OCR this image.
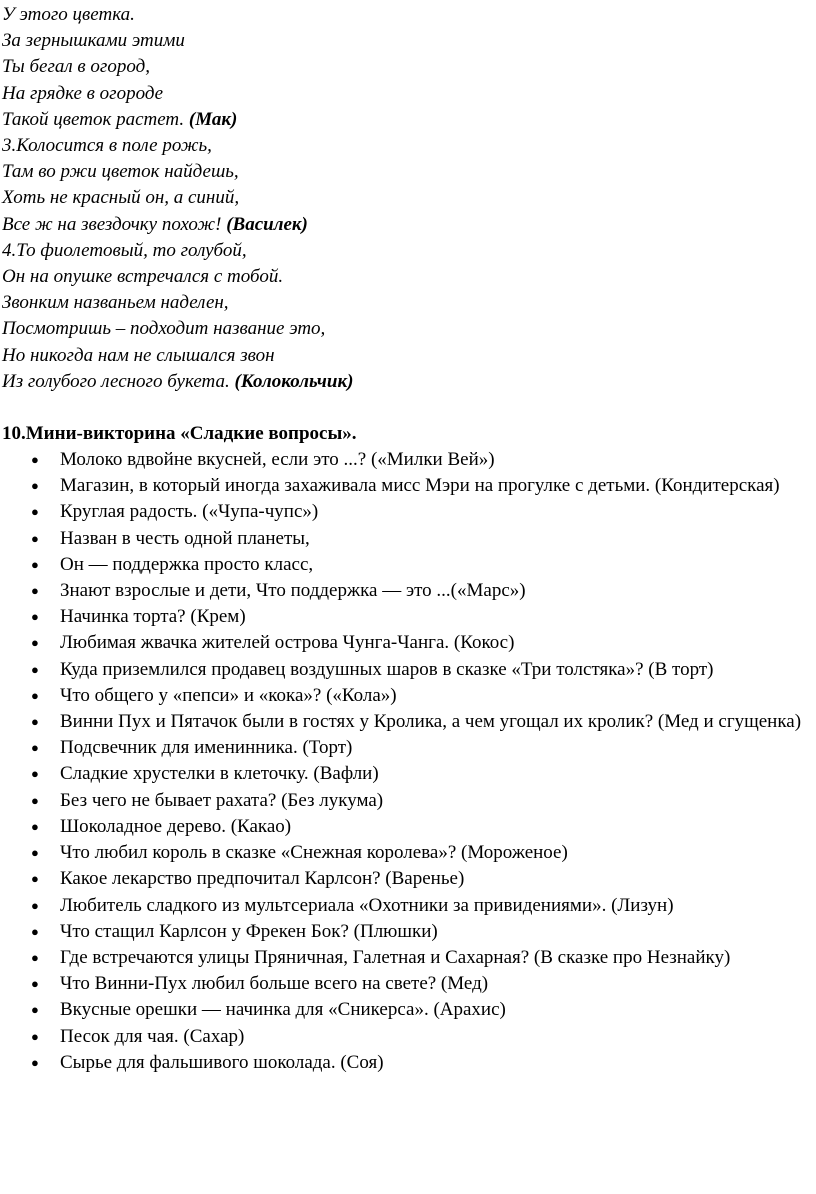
У этого цветка.
За зернышками этими
Ты бегал в огород,
На грядке в огороде
Такой цветок растет. (Мак)
3.Колосится в поле рожь,
Там во ржи цветок найдешь,
Хоть не красный он, а синий,
Все ж на звездочку похож! (Василек)
4.То фиолетовый, то голубой,
Он на опушке встречался с тобой.
Звонким названьем наделен,
Посмотришь – подходит название это,
Но никогда нам не слышался звон
Из голубого лесного букета. (Колокольчик)
10.Мини-викторина «Сладкие вопросы».
● Молоко вдвойне вкусней, если это ...? («Милки Вей»)
● Магазин, в который иногда захаживала мисс Мэри на прогулке с детьми. (Кондитерская)
● Круглая радость. («Чупа-чупс»)
● Назван в честь одной планеты,
● Он — поддержка просто класс,
● Знают взрослые и дети, Что поддержка — это ...(«Марс»)
● Начинка торта? (Крем)
● Любимая жвачка жителей острова Чунга-Чанга. (Кокос)
● Куда приземлился продавец воздушных шаров в сказке «Три толстяка»? (В торт)
● Что общего у «пепси» и «кока»? («Кола»)
● Винни Пух и Пятачок были в гостях у Кролика, а чем угощал их кролик? (Мед и сгущенка)
● Подсвечник для именинника. (Торт)
● Сладкие хрустелки в клеточку. (Вафли)
● Без чего не бывает рахата? (Без лукума)
● Шоколадное дерево. (Какао)
● Что любил король в сказке «Снежная королева»? (Мороженое)
● Какое лекарство предпочитал Карлсон? (Варенье)
● Любитель сладкого из мультсериала «Охотники за привидениями». (Лизун)
● Что стащил Карлсон у Фрекен Бок? (Плюшки)
● Где встречаются улицы Пряничная, Галетная и Сахарная? (В сказке про Незнайку)
● Что Винни-Пух любил больше всего на свете? (Мед)
● Вкусные орешки — начинка для «Сникерса». (Арахис)
● Песок для чая. (Сахар)
● Сырье для фальшивого шоколада. (Соя)
